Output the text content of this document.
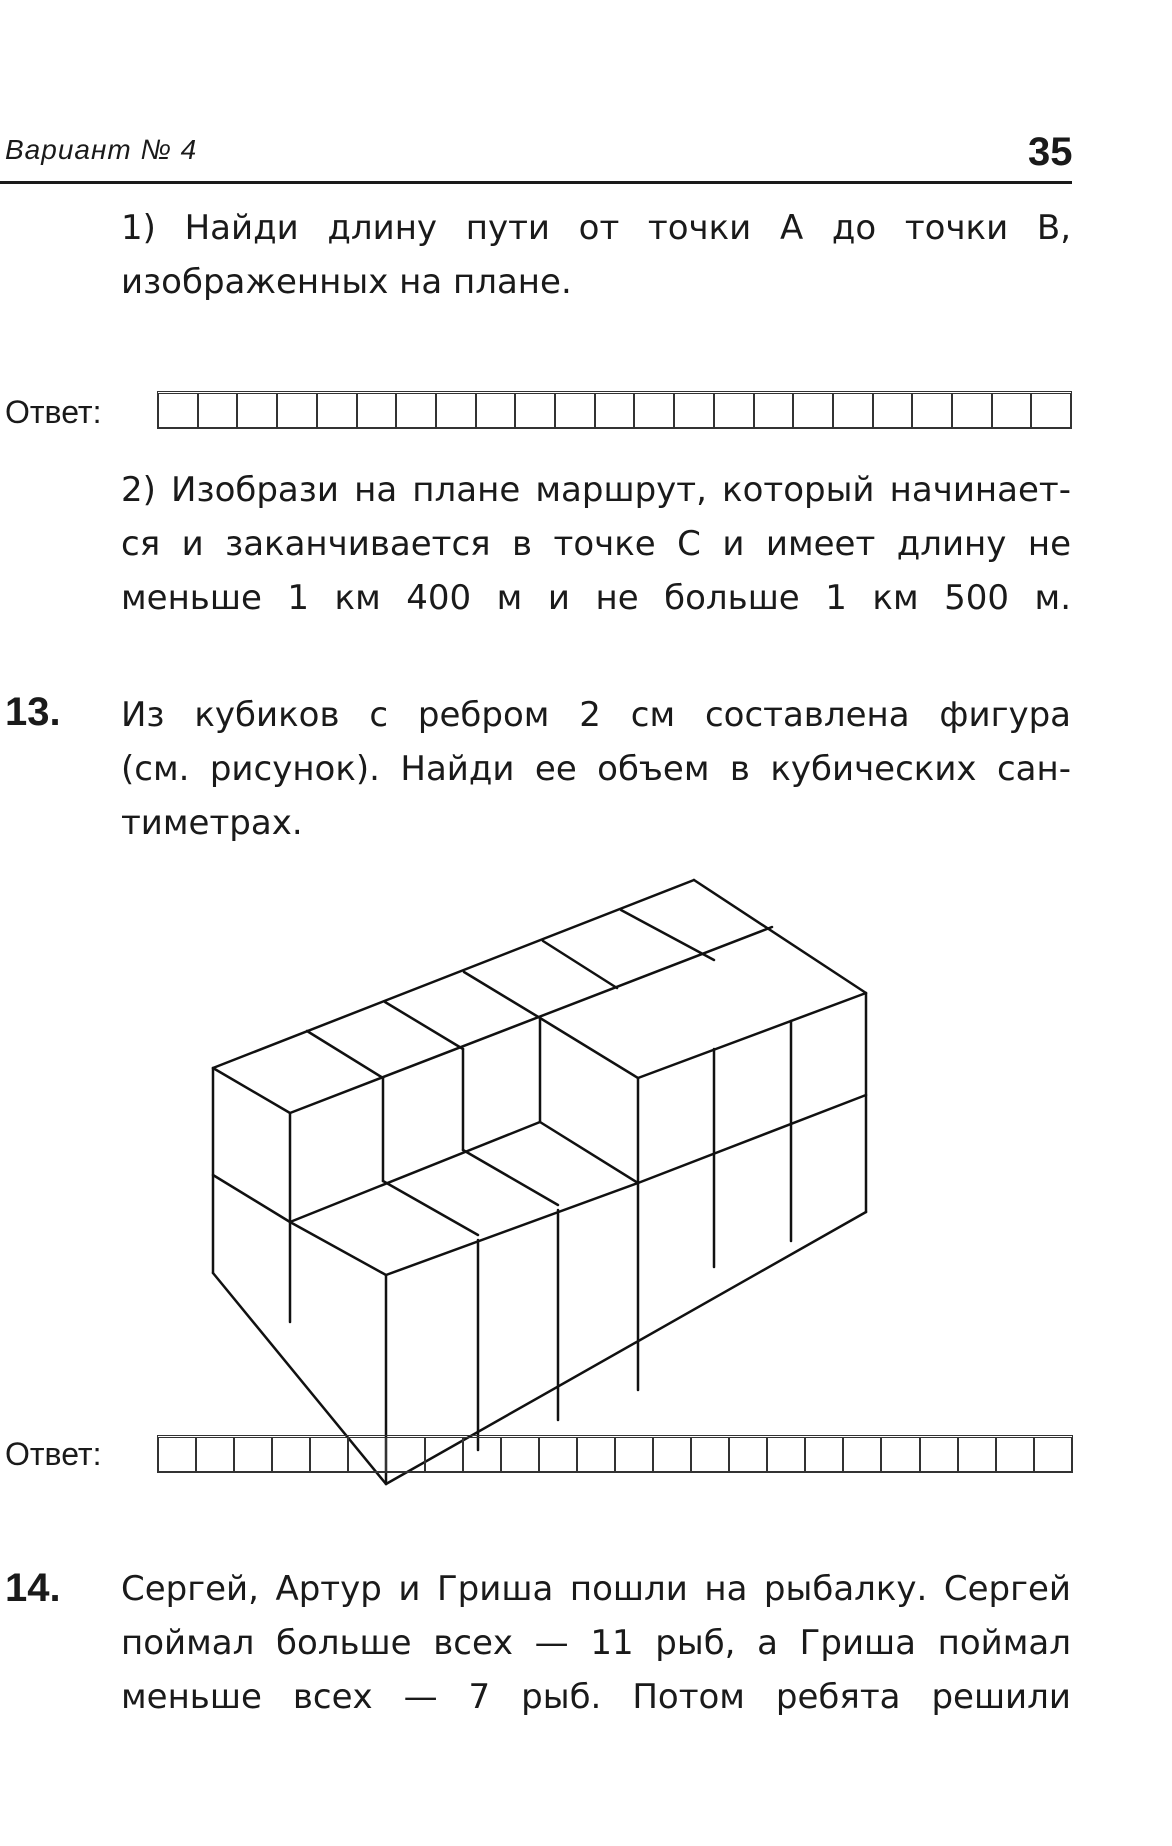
Вариант № 4	35

1) Найди длину пути от точки A до точки B,

изображенных на плане.

Ответ:

2) Изобрази на плане маршрут, который начинает-

ся и заканчивается в точке C и имеет длину не

меньше 1 км 400 м и не больше 1 км 500 м.

13. Из кубиков с ребром 2 см составлена фигура

(см. рисунок). Найди ее объем в кубических сан-

тиметрах.

Ответ:
14. Сергей, Артур и Гриша пошли на рыбалку. Сергей

поймал больше всех — 11 рыб, а Гриша поймал

меньше всех — 7 рыб. Потом ребята решили
